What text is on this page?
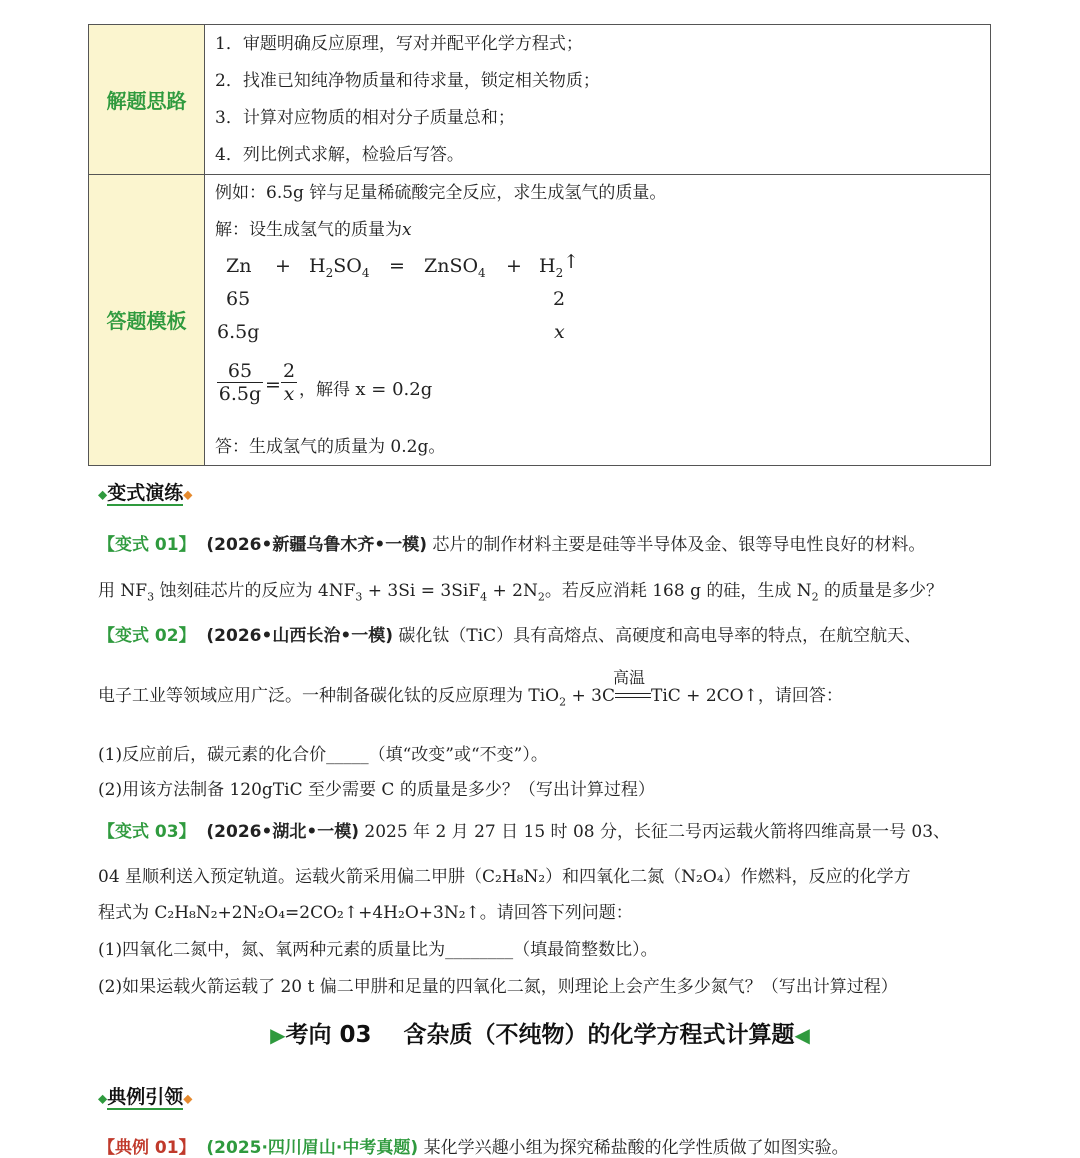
解题思路
答题模板
1．审题明确反应原理，写对并配平化学方程式；
2．找准已知纯净物质量和待求量，锁定相关物质；
3．计算对应物质的相对分子质量总和；
4．列比例式求解，检验后写答。
例如：6.5g 锌与足量稀硫酸完全反应，求生成氢气的质量。
解：设生成氢气的质量为x
$Zn + H_2SO_4$ = ZnSO$_4$ + $H_2↑$
65	2
6.5g	x
$\frac{65}{6.5g} = \frac{2}{x}$ ，解得 x = 0.2g
答：生成氢气的质量为 0.2g。
◆变式演练◆
【变式 01】 (2026•新疆乌鲁木齐•一模) 芯片的制作材料主要是硅等半导体及金、银等导电性良好的材料。
用 $NF_3$ 蚀刻硅芯片的反应为 $4NF_3 + 3Si = 3SiF_4 + 2N_2$。若反应消耗 168 g 的硅，生成 $N_2$ 的质量是多少？
【变式 02】 (2026•山西长治•一模) 碳化钛（TiC）具有高熔点、高硬度和高电导率的特点，在航空航天、
电子工业等领域应用广泛。一种制备碳化钛的反应原理为 TiO$_2$ + 3C
高温
TiC + 2CO↑，请回答：
(1)反应前后，碳元素的化合价_____（填“改变”或“不变”）。
(2)用该方法制备 120gTiC 至少需要 C 的质量是多少？（写出计算过程）
【变式 03】 (2026•湖北•一模) 2025 年 2 月 27 日 15 时 08 分，长征二号丙运载火箭将四维高景一号 03、
04 星顺利送入预定轨道。运载火箭采用偏二甲肼（C₂H₈N₂）和四氧化二氮（N₂O₄）作燃料，反应的化学方
程式为 C₂H₈N₂+2N₂O₄=2CO₂↑+4H₂O+3N₂↑。请回答下列问题：
(1)四氧化二氮中，氮、氧两种元素的质量比为________（填最简整数比）。
(2)如果运载火箭运载了 20 t 偏二甲肼和足量的四氧化二氮，则理论上会产生多少氮气？（写出计算过程）
▶考向 03    含杂质（不纯物）的化学方程式计算题◀
◆典例引领◆
【典例 01】 (2025·四川眉山·中考真题) 某化学兴趣小组为探究稀盐酸的化学性质做了如图实验。
